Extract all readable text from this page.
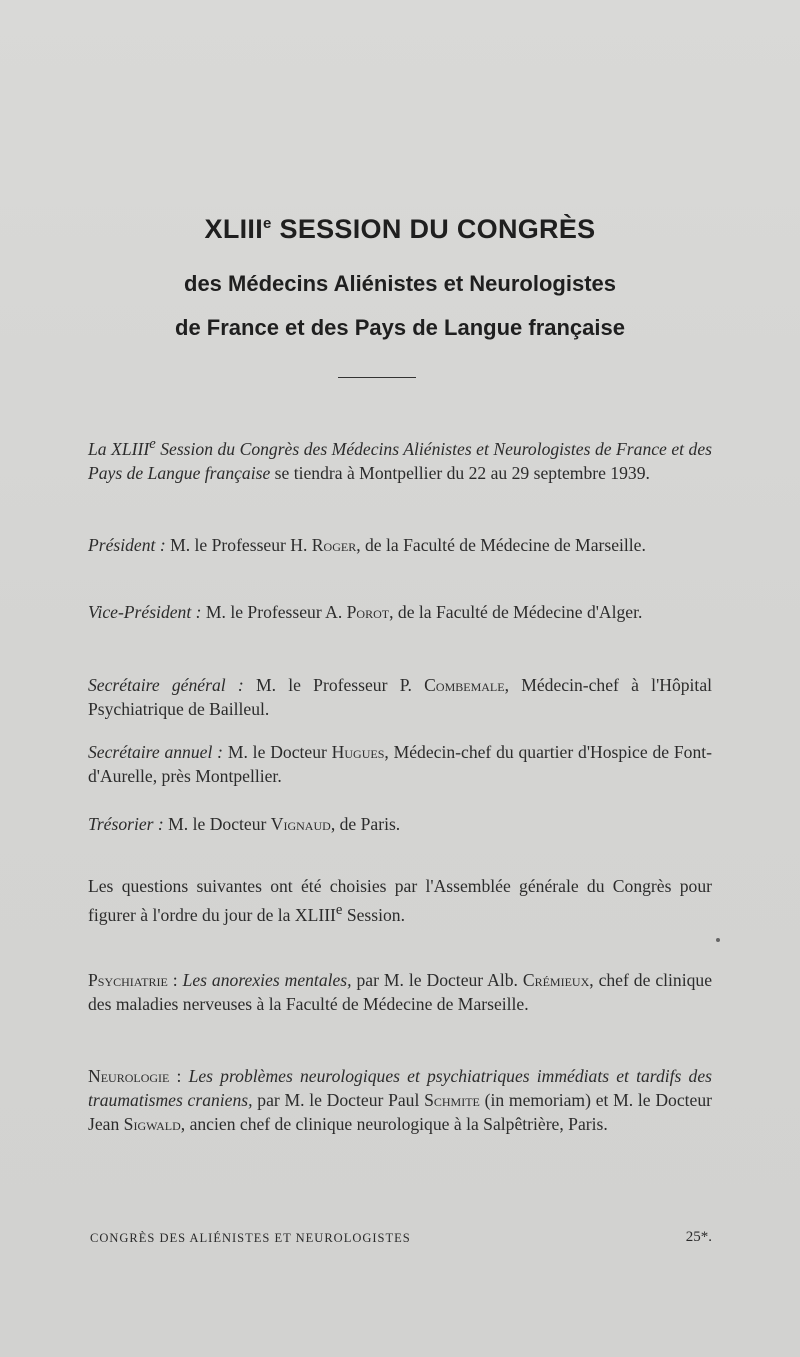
XLIIIe SESSION DU CONGRÈS
des Médecins Aliénistes et Neurologistes
de France et des Pays de Langue française
La XLIIIe Session du Congrès des Médecins Aliénistes et Neurologistes de France et des Pays de Langue française se tiendra à Montpellier du 22 au 29 septembre 1939.
Président : M. le Professeur H. Roger, de la Faculté de Médecine de Marseille.
Vice-Président : M. le Professeur A. Porot, de la Faculté de Médecine d'Alger.
Secrétaire général : M. le Professeur P. Combemale, Médecin-chef à l'Hôpital Psychiatrique de Bailleul.
Secrétaire annuel : M. le Docteur Hugues, Médecin-chef du quartier d'Hospice de Font-d'Aurelle, près Montpellier.
Trésorier : M. le Docteur Vignaud, de Paris.
Les questions suivantes ont été choisies par l'Assemblée générale du Congrès pour figurer à l'ordre du jour de la XLIIIe Session.
Psychiatrie : Les anorexies mentales, par M. le Docteur Alb. Crémieux, chef de clinique des maladies nerveuses à la Faculté de Médecine de Marseille.
Neurologie : Les problèmes neurologiques et psychiatriques immédiats et tardifs des traumatismes craniens, par M. le Docteur Paul Schmite (in memoriam) et M. le Docteur Jean Sigwald, ancien chef de clinique neurologique à la Salpêtrière, Paris.
CONGRÈS DES ALIÉNISTES ET NEUROLOGISTES	25*.
